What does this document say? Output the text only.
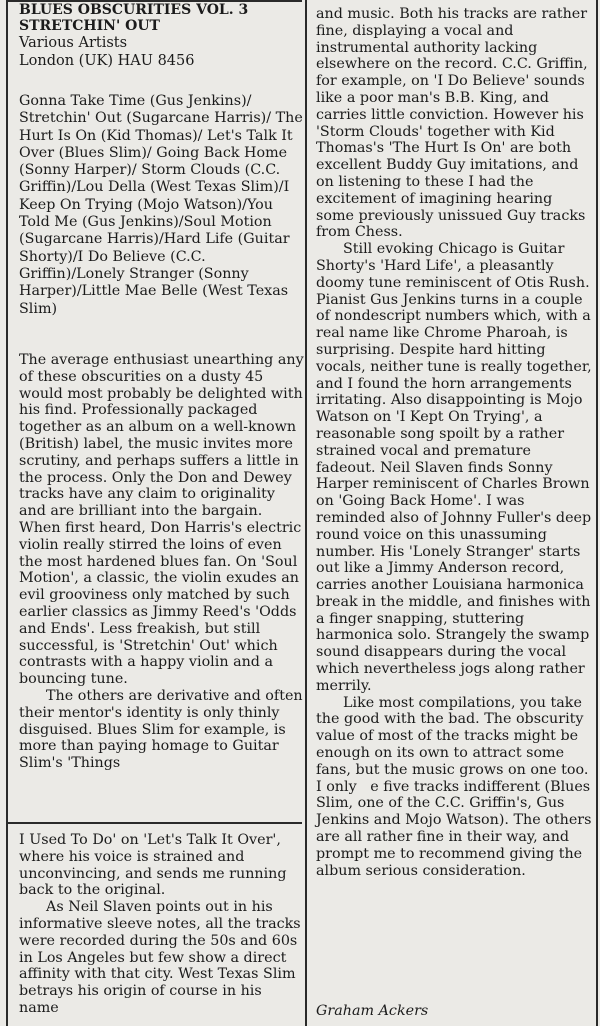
BLUES OBSCURITIES VOL. 3
STRETCHIN' OUT
Various Artists
London (UK) HAU 8456
Gonna Take Time (Gus Jenkins)/ Stretchin' Out (Sugarcane Harris)/ The Hurt Is On (Kid Thomas)/ Let's Talk It Over (Blues Slim)/ Going Back Home (Sonny Harper)/ Storm Clouds (C.C. Griffin)/Lou Della (West Texas Slim)/I Keep On Trying (Mojo Watson)/You Told Me (Gus Jenkins)/Soul Motion (Sugarcane Harris)/Hard Life (Guitar Shorty)/I Do Believe (C.C. Griffin)/Lonely Stranger (Sonny Harper)/Little Mae Belle (West Texas Slim)

The average enthusiast unearthing any of these obscurities on a dusty 45 would most probably be delighted with his find. Professionally packaged together as an album on a well-known (British) label, the music invites more scrutiny, and perhaps suffers a little in the process. Only the Don and Dewey tracks have any claim to originality and are brilliant into the bargain. When first heard, Don Harris's electric violin really stirred the loins of even the most hardened blues fan. On 'Soul Motion', a classic, the violin exudes an evil grooviness only matched by such earlier classics as Jimmy Reed's 'Odds and Ends'. Less freakish, but still successful, is 'Stretchin' Out' which contrasts with a happy violin and a bouncing tune.

The others are derivative and often their mentor's identity is only thinly disguised. Blues Slim for example, is more than paying homage to Guitar Slim's 'Things

I Used To Do' on 'Let's Talk It Over', where his voice is strained and unconvincing, and sends me running back to the original.

As Neil Slaven points out in his informative sleeve notes, all the tracks were recorded during the 50s and 60s in Los Angeles but few show a direct affinity with that city. West Texas Slim betrays his origin of course in his name

and music. Both his tracks are rather fine, displaying a vocal and instrumental authority lacking elsewhere on the record. C.C. Griffin, for example, on 'I Do Believe' sounds like a poor man's B.B. King, and carries little conviction. However his 'Storm Clouds' together with Kid Thomas's 'The Hurt Is On' are both excellent Buddy Guy imitations, and on listening to these I had the excitement of imagining hearing some previously unissued Guy tracks from Chess.

Still evoking Chicago is Guitar Shorty's 'Hard Life', a pleasantly doomy tune reminiscent of Otis Rush. Pianist Gus Jenkins turns in a couple of nondescript numbers which, with a real name like Chrome Pharoah, is surprising. Despite hard hitting vocals, neither tune is really together, and I found the horn arrangements irritating. Also disappointing is Mojo Watson on 'I Kept On Trying', a reasonable song spoilt by a rather strained vocal and premature fadeout. Neil Slaven finds Sonny Harper reminiscent of Charles Brown on 'Going Back Home'. I was reminded also of Johnny Fuller's deep round voice on this unassuming number. His 'Lonely Stranger' starts out like a Jimmy Anderson record, carries another Louisiana harmonica break in the middle, and finishes with a finger snapping, stuttering harmonica solo. Strangely the swamp sound disappears during the vocal which nevertheless jogs along rather merrily.

Like most compilations, you take the good with the bad. The obscurity value of most of the tracks might be enough on its own to attract some fans, but the music grows on one too. I only   e five tracks indifferent (Blues Slim, one of the C.C. Griffin's, Gus Jenkins and Mojo Watson). The others are all rather fine in their way, and prompt me to recommend giving the album serious consideration.

Graham Ackers
